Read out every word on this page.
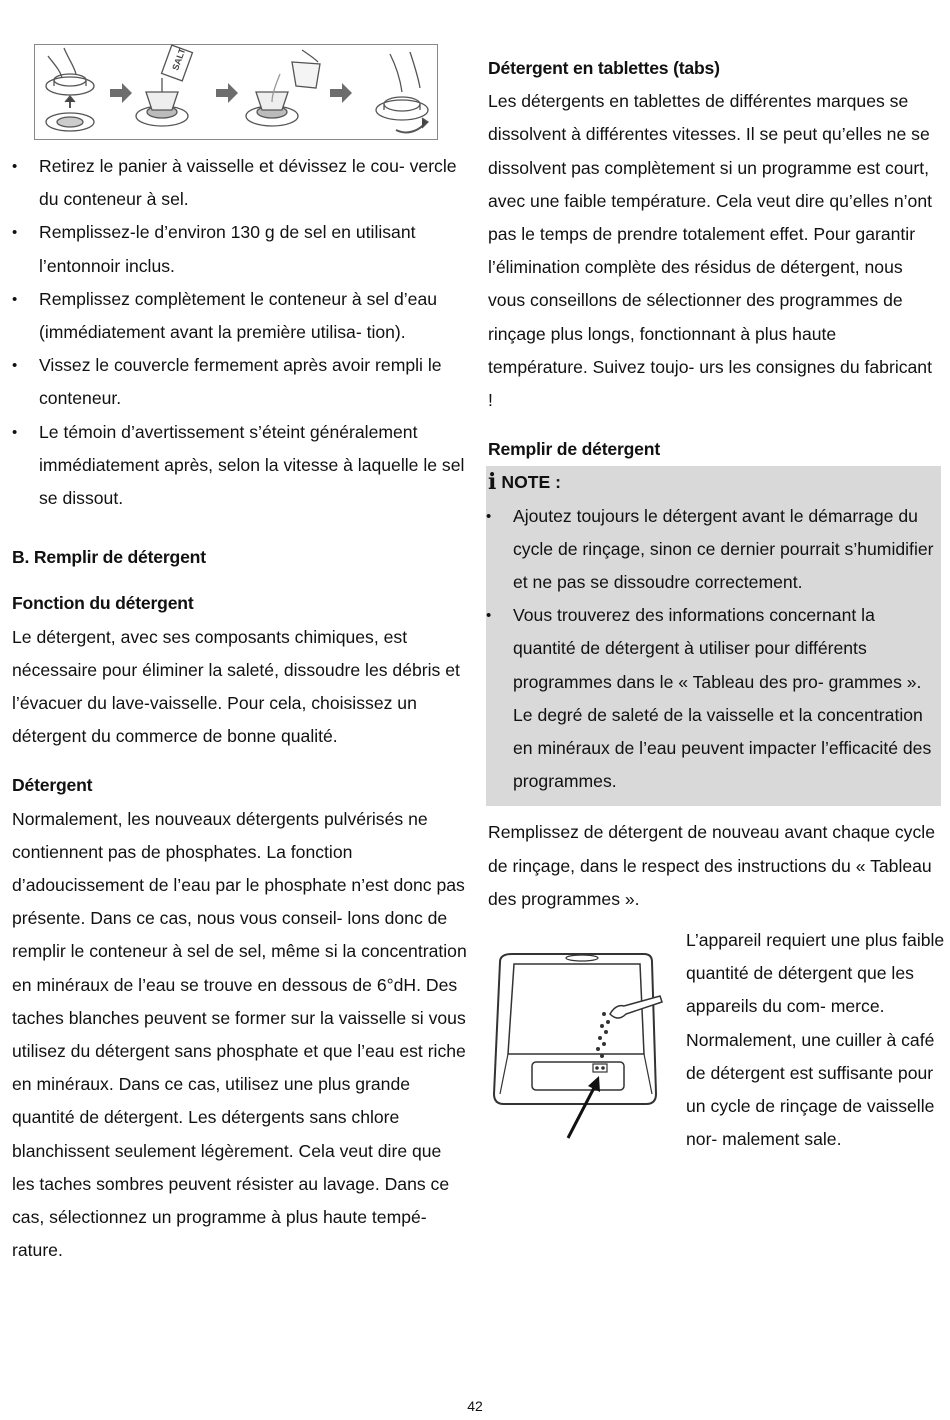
SALT
• Retirez le panier à vaisselle et dévissez le cou- vercle du conteneur à sel.
• Remplissez-le d’environ 130 g de sel en utilisant l’entonnoir inclus.
• Remplissez complètement le conteneur à sel d’eau (immédiatement avant la première utilisa- tion).
• Vissez le couvercle fermement après avoir rempli le conteneur.
• Le témoin d’avertissement s’éteint généralement immédiatement après, selon la vitesse à laquelle le sel se dissout.
B. Remplir de détergent
Fonction du détergent

Le détergent, avec ses composants chimiques, est nécessaire pour éliminer la saleté, dissoudre les débris et l’évacuer du lave-vaisselle. Pour cela, choisissez un détergent du commerce de bonne qualité.

Détergent

Normalement, les nouveaux détergents pulvérisés ne contiennent pas de phosphates. La fonction d’adoucissement de l’eau par le phosphate n’est donc pas présente. Dans ce cas, nous vous conseil- lons donc de remplir le conteneur à sel de sel, même si la concentration en minéraux de l’eau se trouve en dessous de 6°dH. Des taches blanches peuvent se former sur la vaisselle si vous utilisez du détergent sans phosphate et que l’eau est riche en minéraux. Dans ce cas, utilisez une plus grande quantité de détergent. Les détergents sans chlore blanchissent seulement légèrement. Cela veut dire que les taches sombres peuvent résister au lavage. Dans ce cas, sélectionnez un programme à plus haute tempé- rature.

Détergent en tablettes (tabs)

Les détergents en tablettes de différentes marques se dissolvent à différentes vitesses. Il se peut qu’elles ne se dissolvent pas complètement si un programme est court, avec une faible température. Cela veut dire qu’elles n’ont pas le temps de prendre totalement effet. Pour garantir l’élimination complète des résidus de détergent, nous vous conseillons de sélectionner des programmes de rinçage plus longs, fonctionnant à plus haute température. Suivez toujo- urs les consignes du fabricant !

Remplir de détergent
i NOTE :
• Ajoutez toujours le détergent avant le démarrage du cycle de rinçage, sinon ce dernier pourrait s’humidifier et ne pas se dissoudre correctement.
• Vous trouverez des informations concernant la quantité de détergent à utiliser pour différents programmes dans le « Tableau des pro- grammes ». Le degré de saleté de la vaisselle et la concentration en minéraux de l’eau peuvent impacter l’efficacité des programmes.

Remplissez de détergent de nouveau avant chaque cycle de rinçage, dans le respect des instructions du « Tableau des programmes ».

L’appareil requiert une plus faible quantité de détergent que les appareils du com- merce. Normalement, une cuiller à café de détergent est suffisante pour un cycle de rinçage de vaisselle nor- malement sale.

42
